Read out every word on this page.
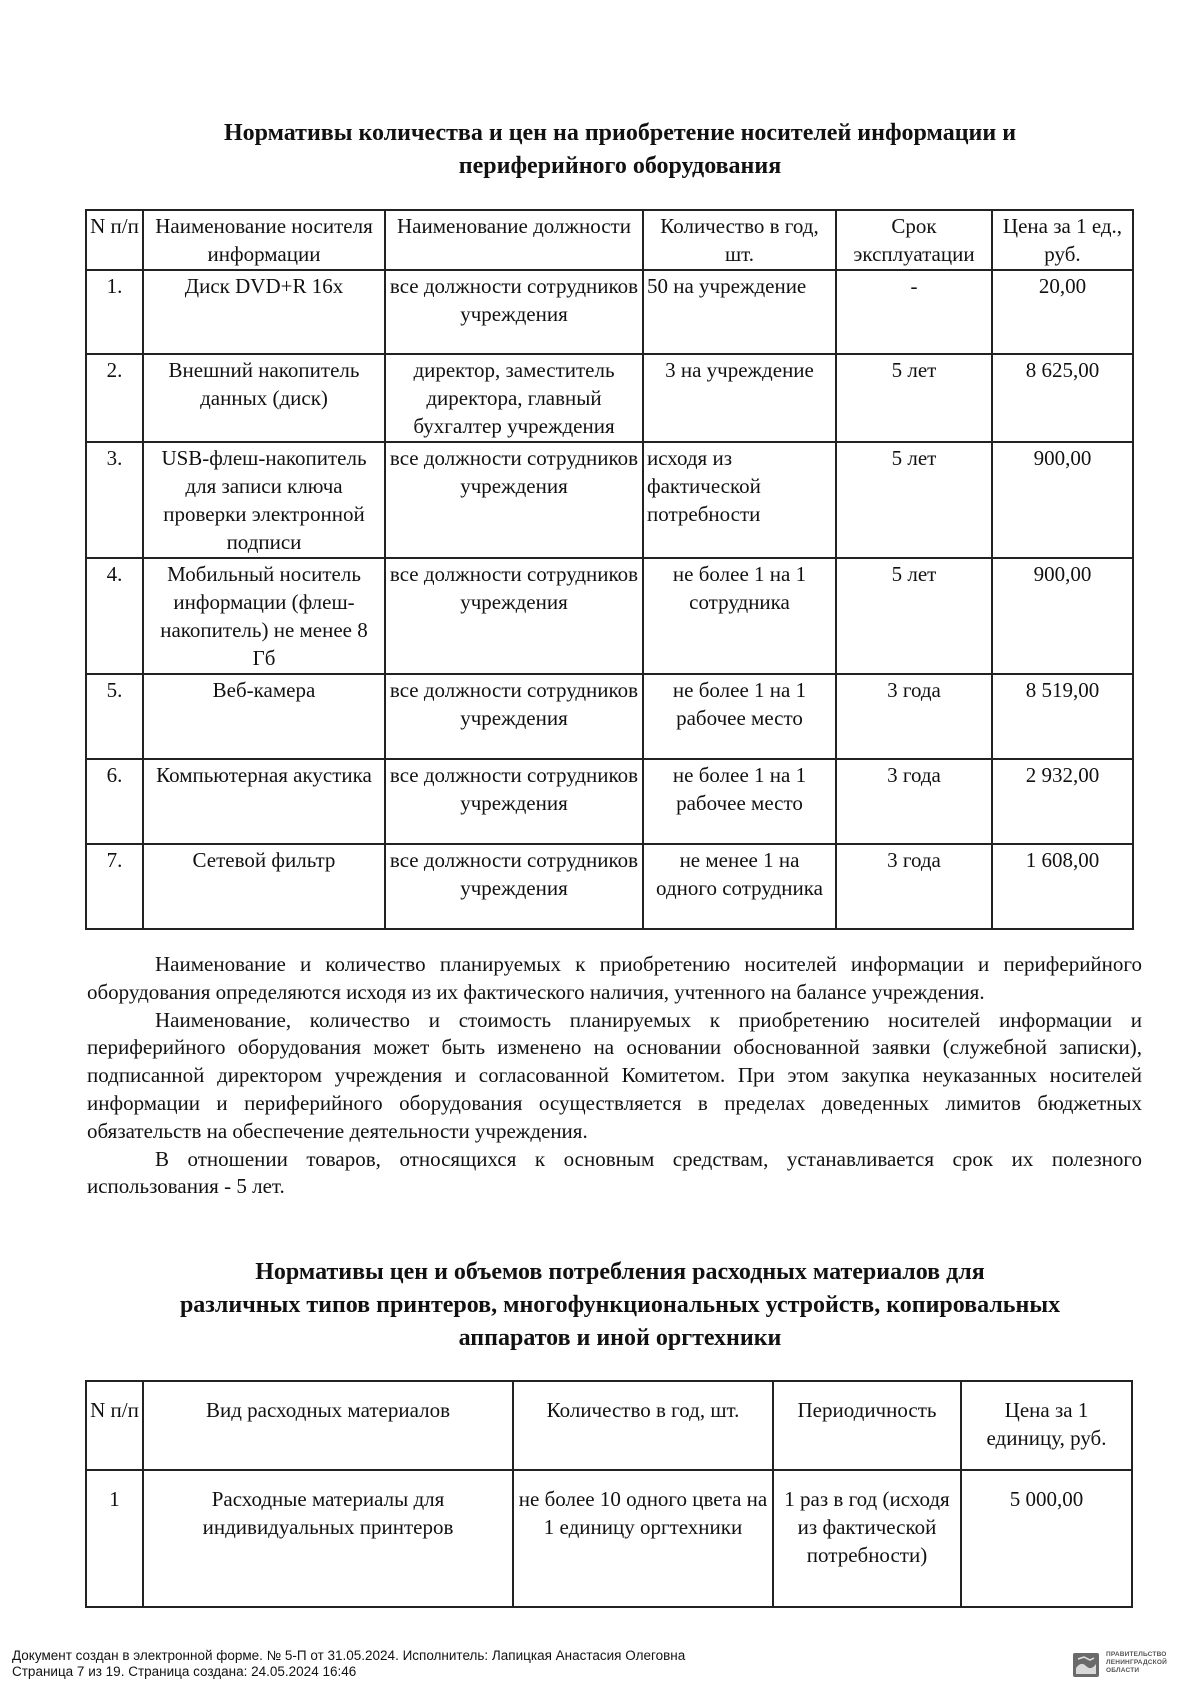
Нормативы количества и цен на приобретение носителей информации и
периферийного оборудования
N п/п	Наименование носителя информации	Наименование должности	Количество в год, шт.	Срок эксплуатации	Цена за 1 ед., руб.
1.	Диск DVD+R 16x	все должности сотрудников учреждения	50 на учреждение	-	20,00
2.	Внешний накопитель данных (диск)	директор, заместитель директора, главный бухгалтер учреждения	3 на учреждение	5 лет	8 625,00
3.	USB-флеш-накопитель для записи ключа проверки электронной подписи	все должности сотрудников учреждения	исходя из фактической потребности	5 лет	900,00
4.	Мобильный носитель информации (флеш-накопитель) не менее 8 Гб	все должности сотрудников учреждения	не более 1 на 1 сотрудника	5 лет	900,00
5.	Веб-камера	все должности сотрудников учреждения	не более 1 на 1 рабочее место	3 года	8 519,00
6.	Компьютерная акустика	все должности сотрудников учреждения	не более 1 на 1 рабочее место	3 года	2 932,00
7.	Сетевой фильтр	все должности сотрудников учреждения	не менее 1 на одного сотрудника	3 года	1 608,00

Наименование и количество планируемых к приобретению носителей информации и периферийного оборудования определяются исходя из их фактического наличия, учтенного на балансе учреждения.

Наименование, количество и стоимость планируемых к приобретению носителей информации и периферийного оборудования может быть изменено на основании обоснованной заявки (служебной записки), подписанной директором учреждения и согласованной Комитетом. При этом закупка неуказанных носителей информации и периферийного оборудования осуществляется в пределах доведенных лимитов бюджетных обязательств на обеспечение деятельности учреждения.

В отношении товаров, относящихся к основным средствам, устанавливается срок их полезного использования - 5 лет.

Нормативы цен и объемов потребления расходных материалов для
различных типов принтеров, многофункциональных устройств, копировальных
аппаратов и иной оргтехники
N п/п	Вид расходных материалов	Количество в год, шт.	Периодичность	Цена за 1 единицу, руб.
1	Расходные материалы для индивидуальных принтеров	не более 10 одного цвета на 1 единицу оргтехники	1 раз в год (исходя из фактической потребности)	5 000,00
Документ создан в электронной форме. № 5-П от 31.05.2024. Исполнитель: Лапицкая Анастасия Олеговна
Страница 7 из 19. Страница создана: 24.05.2024 16:46
ПРАВИТЕЛЬСТВО
ЛЕНИНГРАДСКОЙ
ОБЛАСТИ
